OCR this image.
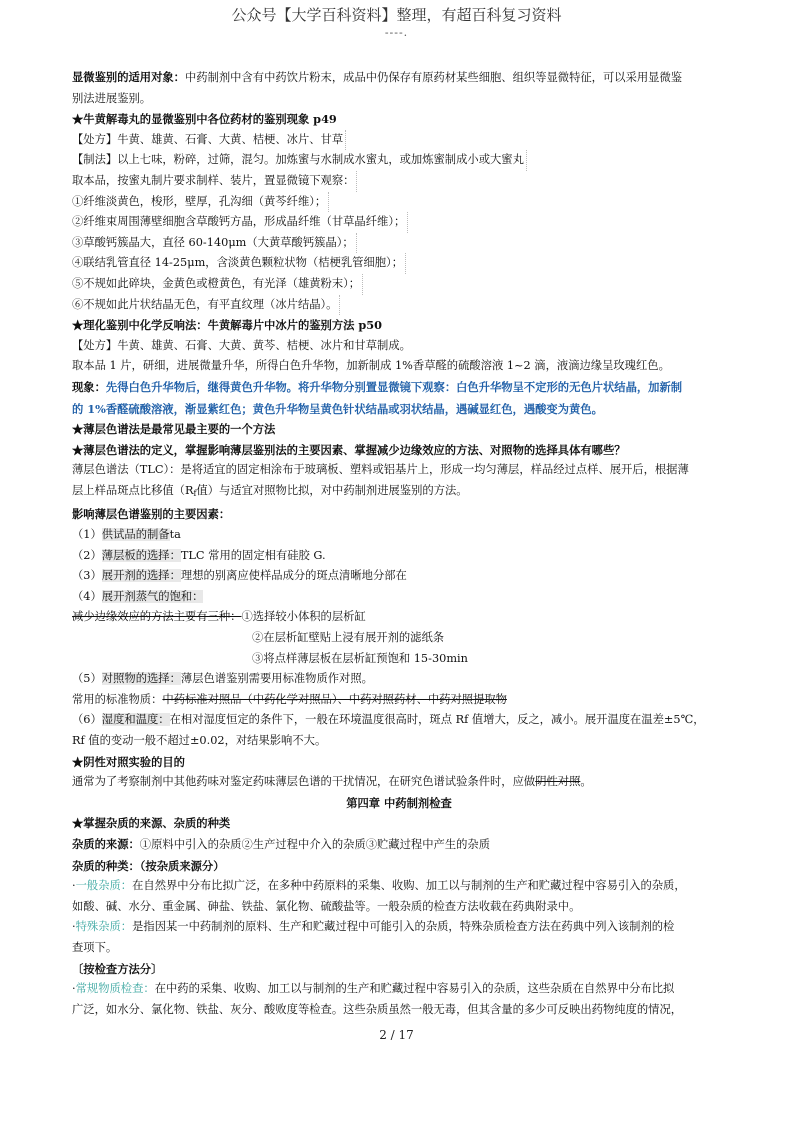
公众号【大学百科资料】整理，有超百科复习资料
----.
显微鉴别的适用对象：中药制剂中含有中药饮片粉末，成品中仍保存有原药材某些细胞、组织等显微特征，可以采用显微鉴
别法进展鉴别。
★牛黄解毒丸的显微鉴别中各位药材的鉴别现象 p49
【处方】牛黄、雄黄、石膏、大黄、桔梗、冰片、甘草
【制法】以上七味，粉碎，过筛，混匀。加炼蜜与水制成水蜜丸，或加炼蜜制成小或大蜜丸
取本品，按蜜丸制片要求制样、装片，置显微镜下观察：
①纤维淡黄色，梭形，壁厚，孔沟细（黄芩纤维）；
②纤维束周围薄壁细胞含草酸钙方晶，形成晶纤维（甘草晶纤维）；
③草酸钙簇晶大，直径 60-140μm（大黄草酸钙簇晶）；
④联结乳管直径 14-25μm，含淡黄色颗粒状物（桔梗乳管细胞）；
⑤不规如此碎块，金黄色或橙黄色，有光泽（雄黄粉末）；
⑥不规如此片状结晶无色，有平直纹理（冰片结晶）。
★理化鉴别中化学反响法：牛黄解毒片中冰片的鉴别方法 p50
【处方】牛黄、雄黄、石膏、大黄、黄芩、桔梗、冰片和甘草制成。
取本品 1 片，研细，进展微量升华，所得白色升华物，加新制成 1%香草醛的硫酸溶液 1~2 滴，液滴边缘呈玫瑰红色。
现象：先得白色升华物后，继得黄色升华物。将升华物分别置显微镜下观察：白色升华物呈不定形的无色片状结晶，加新制
的 1%香醛硫酸溶液，渐显紫红色；黄色升华物呈黄色针状结晶或羽状结晶，遇碱显红色，遇酸变为黄色。
★薄层色谱法是最常见最主要的一个方法
★薄层色谱法的定义，掌握影响薄层鉴别法的主要因素、掌握减少边缘效应的方法、对照物的选择具体有哪些？
薄层色谱法（TLC）：是将适宜的固定相涂布于玻璃板、塑料或铝基片上，形成一均匀薄层，样品经过点样、展开后，根据薄
层上样品斑点比移值（$R_f$值）与适宜对照物比拟，对中药制剂进展鉴别的方法。
影响薄层色谱鉴别的主要因素：
（1）供试品的制备ta
（2）薄层板的选择：TLC 常用的固定相有硅胶 G.
（3）展开剂的选择：理想的别离应使样品成分的斑点清晰地分部在
（4）展开剂蒸气的饱和：
减少边缘效应的方法主要有三种：①选择较小体积的层析缸
②在层析缸壁贴上浸有展开剂的滤纸条
③将点样薄层板在层析缸预饱和 15-30min
（5）对照物的选择：薄层色谱鉴别需要用标准物质作对照。
常用的标准物质：中药标准对照品（中药化学对照品）、中药对照药材、中药对照提取物
（6）湿度和温度：在相对湿度恒定的条件下，一般在环境温度很高时，斑点 Rf 值增大，反之，减小。展开温度在温差±5℃，
Rf 值的变动一般不超过±0.02，对结果影响不大。
★阴性对照实验的目的
通常为了考察制剂中其他药味对鉴定药味薄层色谱的干扰情况，在研究色谱试验条件时，应做阴性对照。
第四章 中药制剂检查
★掌握杂质的来源、杂质的种类
杂质的来源：①原料中引入的杂质②生产过程中介入的杂质③贮藏过程中产生的杂质
杂质的种类：（按杂质来源分）
·一般杂质：在自然界中分布比拟广泛，在多种中药原料的采集、收购、加工以与制剂的生产和贮藏过程中容易引入的杂质，
如酸、碱、水分、重金属、砷盐、铁盐、氯化物、硫酸盐等。一般杂质的检查方法收载在药典附录中。
·特殊杂质：是指因某一中药制剂的原料、生产和贮藏过程中可能引入的杂质，特殊杂质检查方法在药典中列入该制剂的检
查项下。
〔按检查方法分〕
·常规物质检查：在中药的采集、收购、加工以与制剂的生产和贮藏过程中容易引入的杂质，这些杂质在自然界中分布比拟
广泛，如水分、氯化物、铁盐、灰分、酸败度等检查。这些杂质虽然一般无毒，但其含量的多少可反映出药物纯度的情况，
2 / 17
